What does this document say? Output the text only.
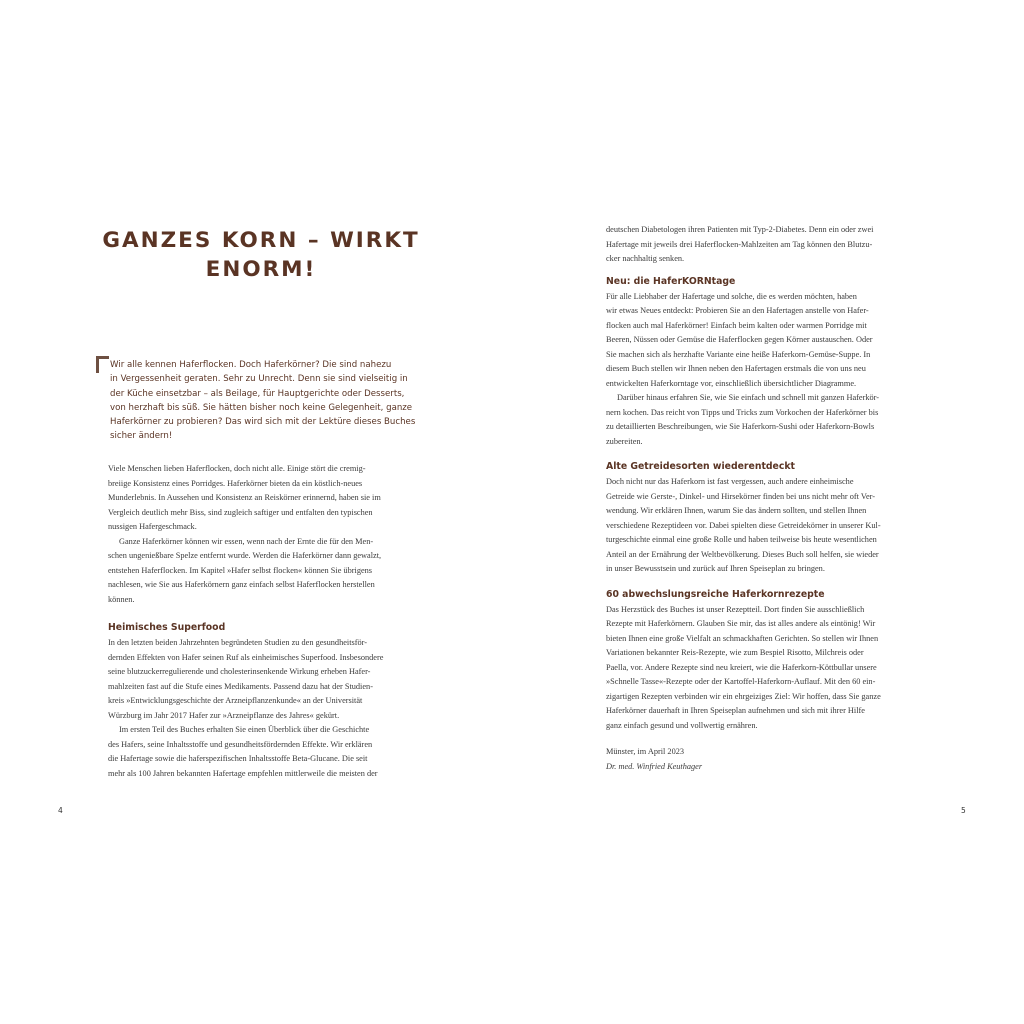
GANZES KORN – WIRKT
ENORM!
Wir alle kennen Haferflocken. Doch Haferkörner? Die sind nahezu
in Vergessenheit geraten. Sehr zu Unrecht. Denn sie sind vielseitig in
der Küche einsetzbar – als Beilage, für Hauptgerichte oder Desserts,
von herzhaft bis süß. Sie hätten bisher noch keine Gelegenheit, ganze
Haferkörner zu probieren? Das wird sich mit der Lektüre dieses Buches
sicher ändern!
Viele Menschen lieben Haferflocken, doch nicht alle. Einige stört die cremig-
breiige Konsistenz eines Porridges. Haferkörner bieten da ein köstlich-neues
Munderlebnis. In Aussehen und Konsistenz an Reiskörner erinnernd, haben sie im
Vergleich deutlich mehr Biss, sind zugleich saftiger und entfalten den typischen
nussigen Hafergeschmack.
Ganze Haferkörner können wir essen, wenn nach der Ernte die für den Men-
schen ungenießbare Spelze entfernt wurde. Werden die Haferkörner dann gewalzt,
entstehen Haferflocken. Im Kapitel »Hafer selbst flocken« können Sie übrigens
nachlesen, wie Sie aus Haferkörnern ganz einfach selbst Haferflocken herstellen
können.
Heimisches Superfood
In den letzten beiden Jahrzehnten begründeten Studien zu den gesundheitsför-
dernden Effekten von Hafer seinen Ruf als einheimisches Superfood. Insbesondere
seine blutzuckerregulierende und cholesterinsenkende Wirkung erheben Hafer-
mahlzeiten fast auf die Stufe eines Medikaments. Passend dazu hat der Studien-
kreis »Entwicklungsgeschichte der Arzneipflanzenkunde« an der Universität
Würzburg im Jahr 2017 Hafer zur »Arzneipflanze des Jahres« gekürt.
Im ersten Teil des Buches erhalten Sie einen Überblick über die Geschichte
des Hafers, seine Inhaltsstoffe und gesundheitsfördernden Effekte. Wir erklären
die Hafertage sowie die haferspezifischen Inhaltsstoffe Beta-Glucane. Die seit
mehr als 100 Jahren bekannten Hafertage empfehlen mittlerweile die meisten der
4
deutschen Diabetologen ihren Patienten mit Typ-2-Diabetes. Denn ein oder zwei
Hafertage mit jeweils drei Haferflocken-Mahlzeiten am Tag können den Blutzu-
cker nachhaltig senken.
Neu: die HaferKORNtage
Für alle Liebhaber der Hafertage und solche, die es werden möchten, haben
wir etwas Neues entdeckt: Probieren Sie an den Hafertagen anstelle von Hafer-
flocken auch mal Haferkörner! Einfach beim kalten oder warmen Porridge mit
Beeren, Nüssen oder Gemüse die Haferflocken gegen Körner austauschen. Oder
Sie machen sich als herzhafte Variante eine heiße Haferkorn-Gemüse-Suppe. In
diesem Buch stellen wir Ihnen neben den Hafertagen erstmals die von uns neu
entwickelten Haferkorntage vor, einschließlich übersichtlicher Diagramme.
Darüber hinaus erfahren Sie, wie Sie einfach und schnell mit ganzen Haferkör-
nern kochen. Das reicht von Tipps und Tricks zum Vorkochen der Haferkörner bis
zu detaillierten Beschreibungen, wie Sie Haferkorn-Sushi oder Haferkorn-Bowls
zubereiten.
Alte Getreidesorten wiederentdeckt
Doch nicht nur das Haferkorn ist fast vergessen, auch andere einheimische
Getreide wie Gerste-, Dinkel- und Hirsekörner finden bei uns nicht mehr oft Ver-
wendung. Wir erklären Ihnen, warum Sie das ändern sollten, und stellen Ihnen
verschiedene Rezeptideen vor. Dabei spielten diese Getreidekörner in unserer Kul-
turgeschichte einmal eine große Rolle und haben teilweise bis heute wesentlichen
Anteil an der Ernährung der Weltbevölkerung. Dieses Buch soll helfen, sie wieder
in unser Bewusstsein und zurück auf Ihren Speiseplan zu bringen.
60 abwechslungsreiche Haferkornrezepte
Das Herzstück des Buches ist unser Rezeptteil. Dort finden Sie ausschließlich
Rezepte mit Haferkörnern. Glauben Sie mir, das ist alles andere als eintönig! Wir
bieten Ihnen eine große Vielfalt an schmackhaften Gerichten. So stellen wir Ihnen
Variationen bekannter Reis-Rezepte, wie zum Bespiel Risotto, Milchreis oder
Paella, vor. Andere Rezepte sind neu kreiert, wie die Haferkorn-Köttbullar unsere
»Schnelle Tasse«-Rezepte oder der Kartoffel-Haferkorn-Auflauf. Mit den 60 ein-
zigartigen Rezepten verbinden wir ein ehrgeiziges Ziel: Wir hoffen, dass Sie ganze
Haferkörner dauerhaft in Ihren Speiseplan aufnehmen und sich mit ihrer Hilfe
ganz einfach gesund und vollwertig ernähren.
Münster, im April 2023
Dr. med. Winfried Keuthager
5
